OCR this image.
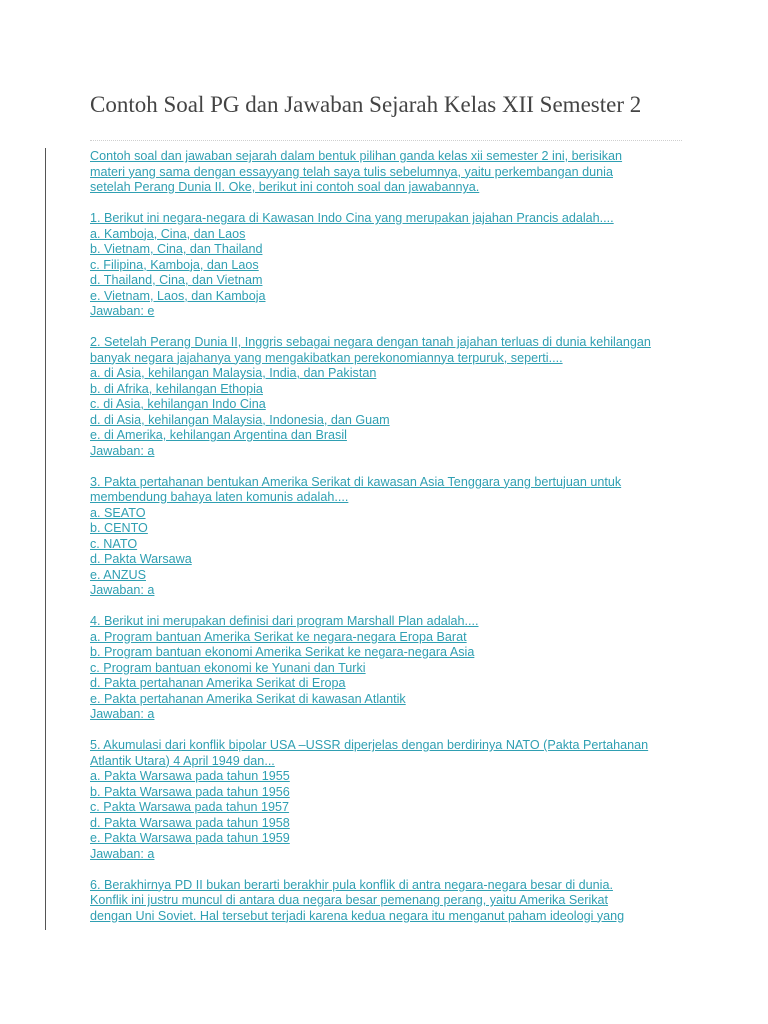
Contoh Soal PG dan Jawaban Sejarah Kelas XII Semester 2
Contoh soal dan jawaban sejarah dalam bentuk pilihan ganda kelas xii semester 2 ini, berisikan
materi yang sama dengan essayyang telah saya tulis sebelumnya, yaitu perkembangan dunia
setelah Perang Dunia II. Oke, berikut ini contoh soal dan jawabannya.
1. Berikut ini negara-negara di Kawasan Indo Cina yang merupakan jajahan Prancis adalah....
a. Kamboja, Cina, dan Laos
b. Vietnam, Cina, dan Thailand
c. Filipina, Kamboja, dan Laos
d. Thailand, Cina, dan Vietnam
e. Vietnam, Laos, dan Kamboja
Jawaban: e
2. Setelah Perang Dunia II, Inggris sebagai negara dengan tanah jajahan terluas di dunia kehilangan
banyak negara jajahanya yang mengakibatkan perekonomiannya terpuruk, seperti....
a. di Asia, kehilangan Malaysia, India, dan Pakistan
b. di Afrika, kehilangan Ethopia
c. di Asia, kehilangan Indo Cina
d. di Asia, kehilangan Malaysia, Indonesia, dan Guam
e. di Amerika, kehilangan Argentina dan Brasil
Jawaban: a
3. Pakta pertahanan bentukan Amerika Serikat di kawasan Asia Tenggara yang bertujuan untuk
membendung bahaya laten komunis adalah....
a. SEATO
b. CENTO
c. NATO
d. Pakta Warsawa
e. ANZUS
Jawaban: a
4. Berikut ini merupakan definisi dari program Marshall Plan adalah....
a. Program bantuan Amerika Serikat ke negara-negara Eropa Barat
b. Program bantuan ekonomi Amerika Serikat ke negara-negara Asia
c. Program bantuan ekonomi ke Yunani dan Turki
d. Pakta pertahanan Amerika Serikat di Eropa
e. Pakta pertahanan Amerika Serikat di kawasan Atlantik
Jawaban: a
5. Akumulasi dari konflik bipolar USA –USSR diperjelas dengan berdirinya NATO (Pakta Pertahanan
Atlantik Utara) 4 April 1949 dan...
a. Pakta Warsawa pada tahun 1955
b. Pakta Warsawa pada tahun 1956
c. Pakta Warsawa pada tahun 1957
d. Pakta Warsawa pada tahun 1958
e. Pakta Warsawa pada tahun 1959
Jawaban: a
6. Berakhirnya PD II bukan berarti berakhir pula konflik di antra negara-negara besar di dunia.
Konflik ini justru muncul di antara dua negara besar pemenang perang, yaitu Amerika Serikat
dengan Uni Soviet. Hal tersebut terjadi karena kedua negara itu menganut paham ideologi yang
